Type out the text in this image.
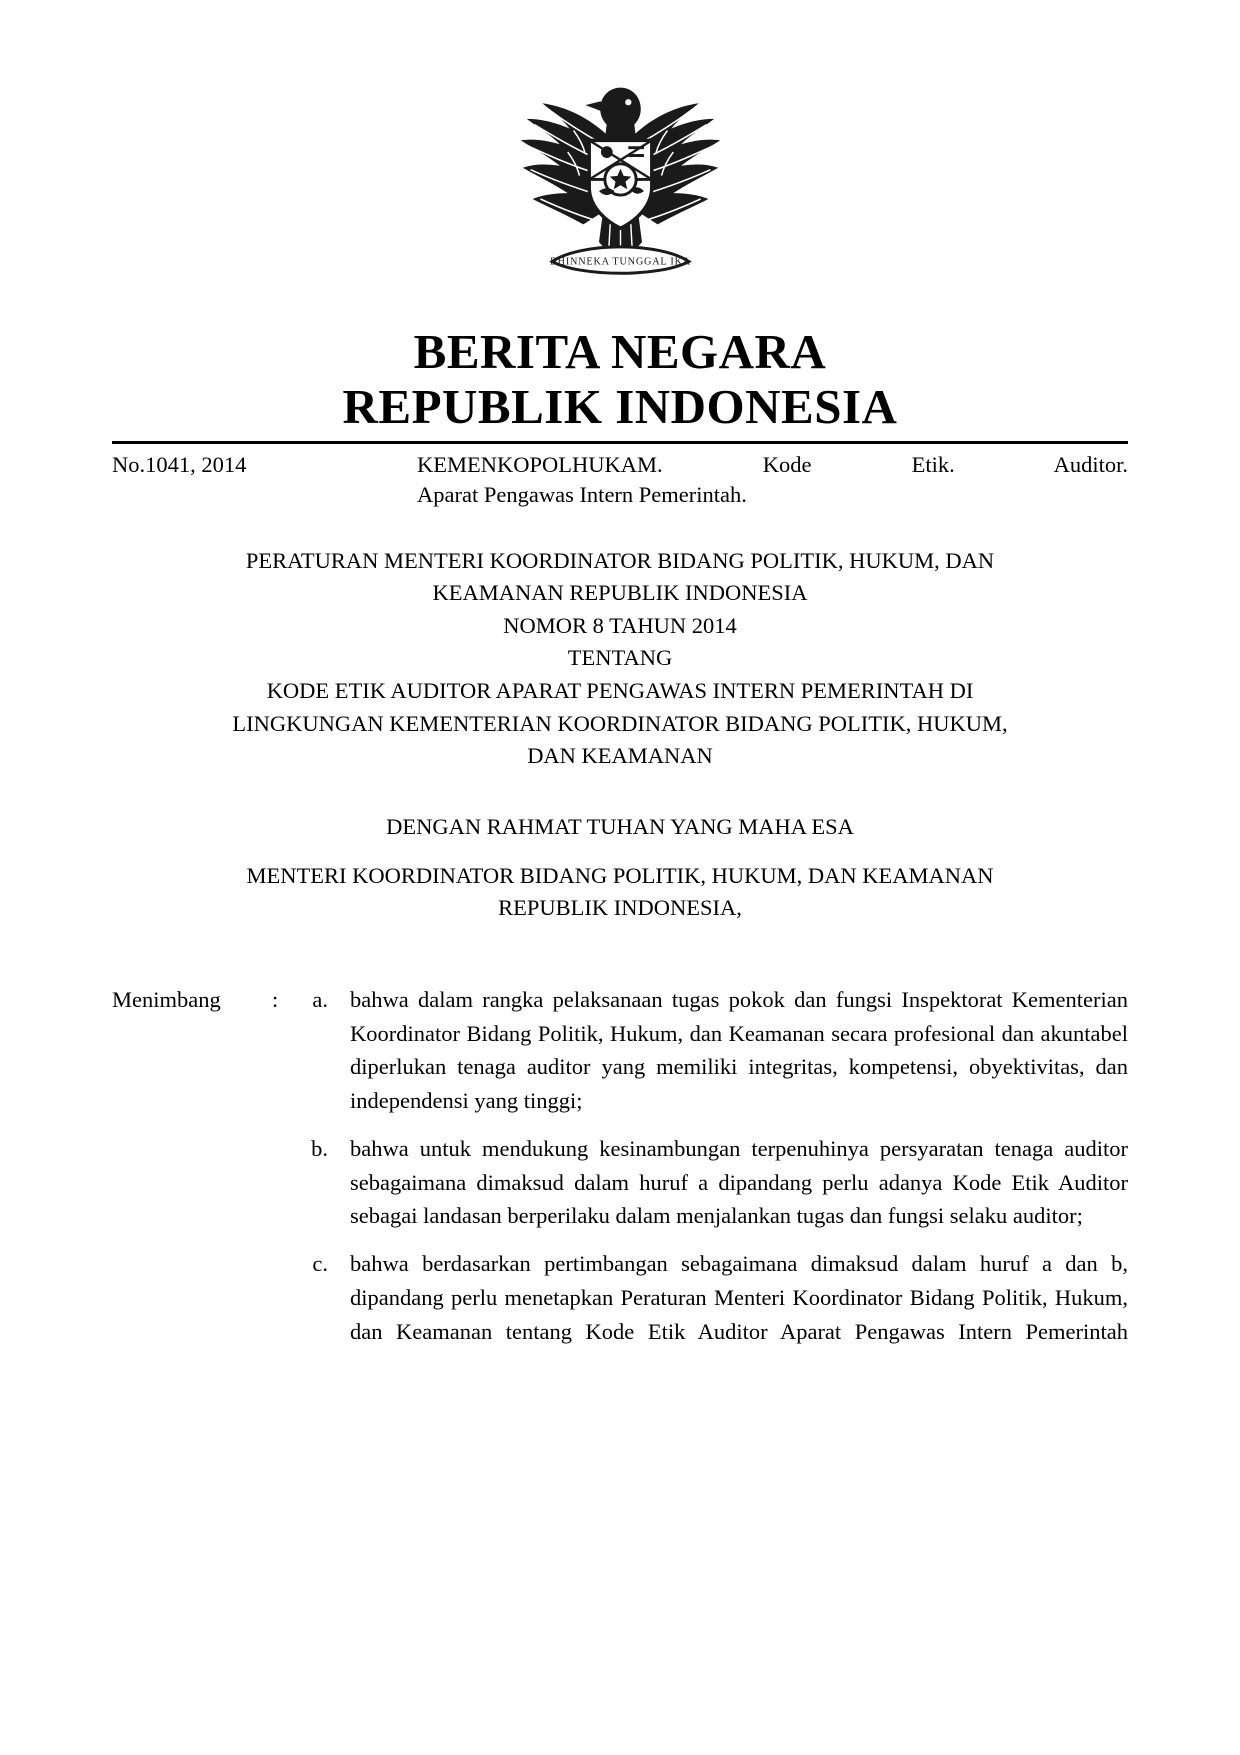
BHINNEKA TUNGGAL IKA
BERITA NEGARA
REPUBLIK INDONESIA
No.1041, 2014	KEMENKOPOLHUKAM. Kode Etik. Auditor.
Aparat Pengawas Intern Pemerintah.

PERATURAN MENTERI KOORDINATOR BIDANG POLITIK, HUKUM, DAN

KEAMANAN REPUBLIK INDONESIA

NOMOR 8 TAHUN 2014

TENTANG

KODE ETIK AUDITOR APARAT PENGAWAS INTERN PEMERINTAH DI

LINGKUNGAN KEMENTERIAN KOORDINATOR BIDANG POLITIK, HUKUM,

DAN KEAMANAN

DENGAN RAHMAT TUHAN YANG MAHA ESA

MENTERI KOORDINATOR BIDANG POLITIK, HUKUM, DAN KEAMANAN

REPUBLIK INDONESIA,

Menimbang	:	a. bahwa dalam rangka pelaksanaan tugas pokok dan fungsi Inspektorat Kementerian Koordinator Bidang Politik, Hukum, dan Keamanan secara profesional dan akuntabel diperlukan tenaga auditor yang memiliki integritas, kompetensi, obyektivitas, dan independensi yang tinggi;
b. bahwa untuk mendukung kesinambungan terpenuhinya persyaratan tenaga auditor sebagaimana dimaksud dalam huruf a dipandang perlu adanya Kode Etik Auditor sebagai landasan berperilaku dalam menjalankan tugas dan fungsi selaku auditor;
c. bahwa berdasarkan pertimbangan sebagaimana dimaksud dalam huruf a dan b, dipandang perlu menetapkan Peraturan Menteri Koordinator Bidang Politik, Hukum, dan Keamanan tentang Kode Etik Auditor Aparat Pengawas Intern Pemerintah
